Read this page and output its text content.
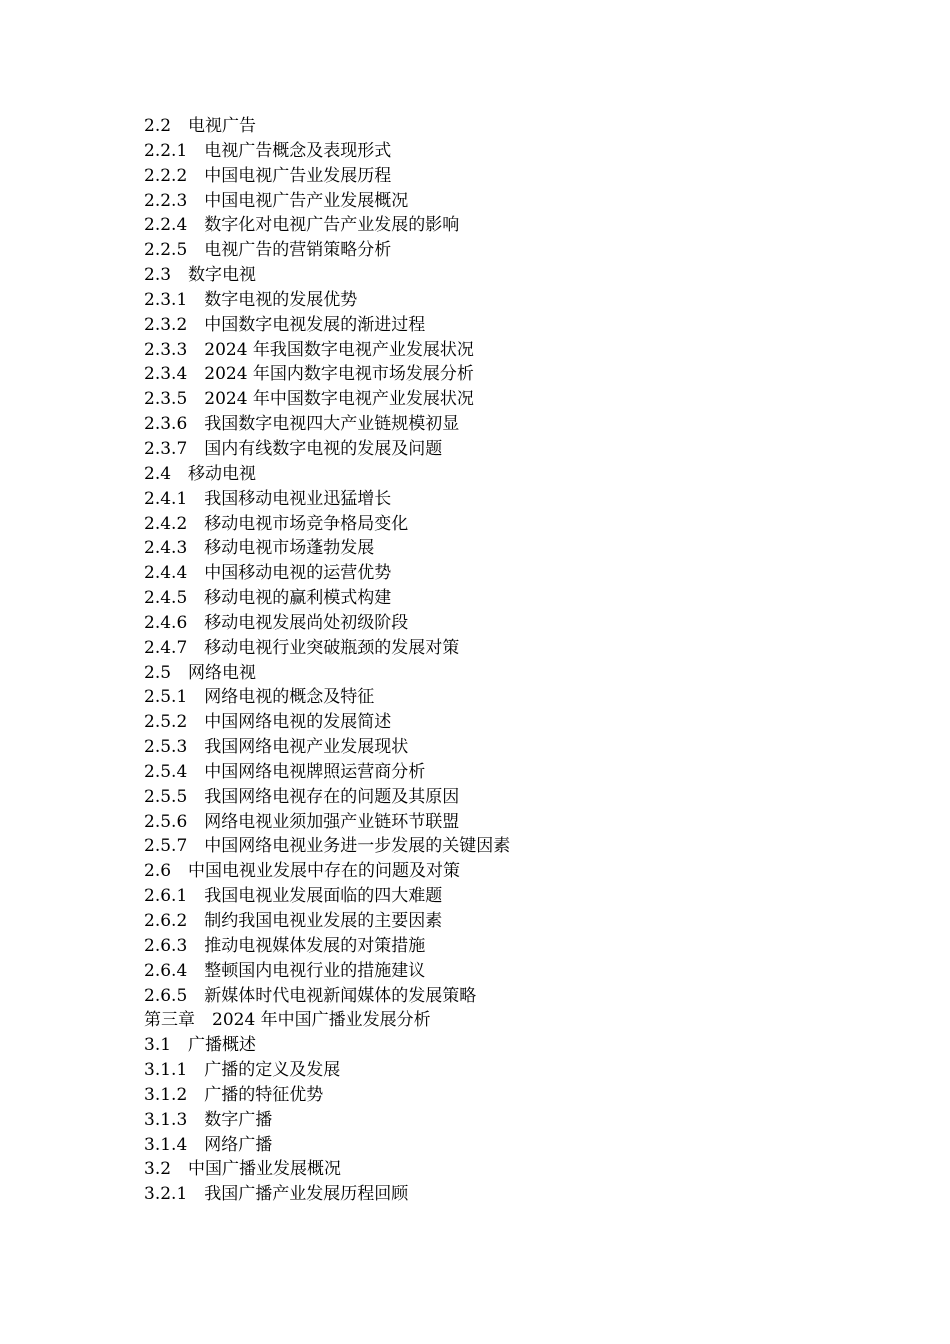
2.2　电视广告
2.2.1　电视广告概念及表现形式
2.2.2　中国电视广告业发展历程
2.2.3　中国电视广告产业发展概况
2.2.4　数字化对电视广告产业发展的影响
2.2.5　电视广告的营销策略分析
2.3　数字电视
2.3.1　数字电视的发展优势
2.3.2　中国数字电视发展的渐进过程
2.3.3　2024 年我国数字电视产业发展状况
2.3.4　2024 年国内数字电视市场发展分析
2.3.5　2024 年中国数字电视产业发展状况
2.3.6　我国数字电视四大产业链规模初显
2.3.7　国内有线数字电视的发展及问题
2.4　移动电视
2.4.1　我国移动电视业迅猛增长
2.4.2　移动电视市场竞争格局变化
2.4.3　移动电视市场蓬勃发展
2.4.4　中国移动电视的运营优势
2.4.5　移动电视的赢利模式构建
2.4.6　移动电视发展尚处初级阶段
2.4.7　移动电视行业突破瓶颈的发展对策
2.5　网络电视
2.5.1　网络电视的概念及特征
2.5.2　中国网络电视的发展简述
2.5.3　我国网络电视产业发展现状
2.5.4　中国网络电视牌照运营商分析
2.5.5　我国网络电视存在的问题及其原因
2.5.6　网络电视业须加强产业链环节联盟
2.5.7　中国网络电视业务进一步发展的关键因素
2.6　中国电视业发展中存在的问题及对策
2.6.1　我国电视业发展面临的四大难题
2.6.2　制约我国电视业发展的主要因素
2.6.3　推动电视媒体发展的对策措施
2.6.4　整顿国内电视行业的措施建议
2.6.5　新媒体时代电视新闻媒体的发展策略
第三章　2024 年中国广播业发展分析
3.1　广播概述
3.1.1　广播的定义及发展
3.1.2　广播的特征优势
3.1.3　数字广播
3.1.4　网络广播
3.2　中国广播业发展概况
3.2.1　我国广播产业发展历程回顾
